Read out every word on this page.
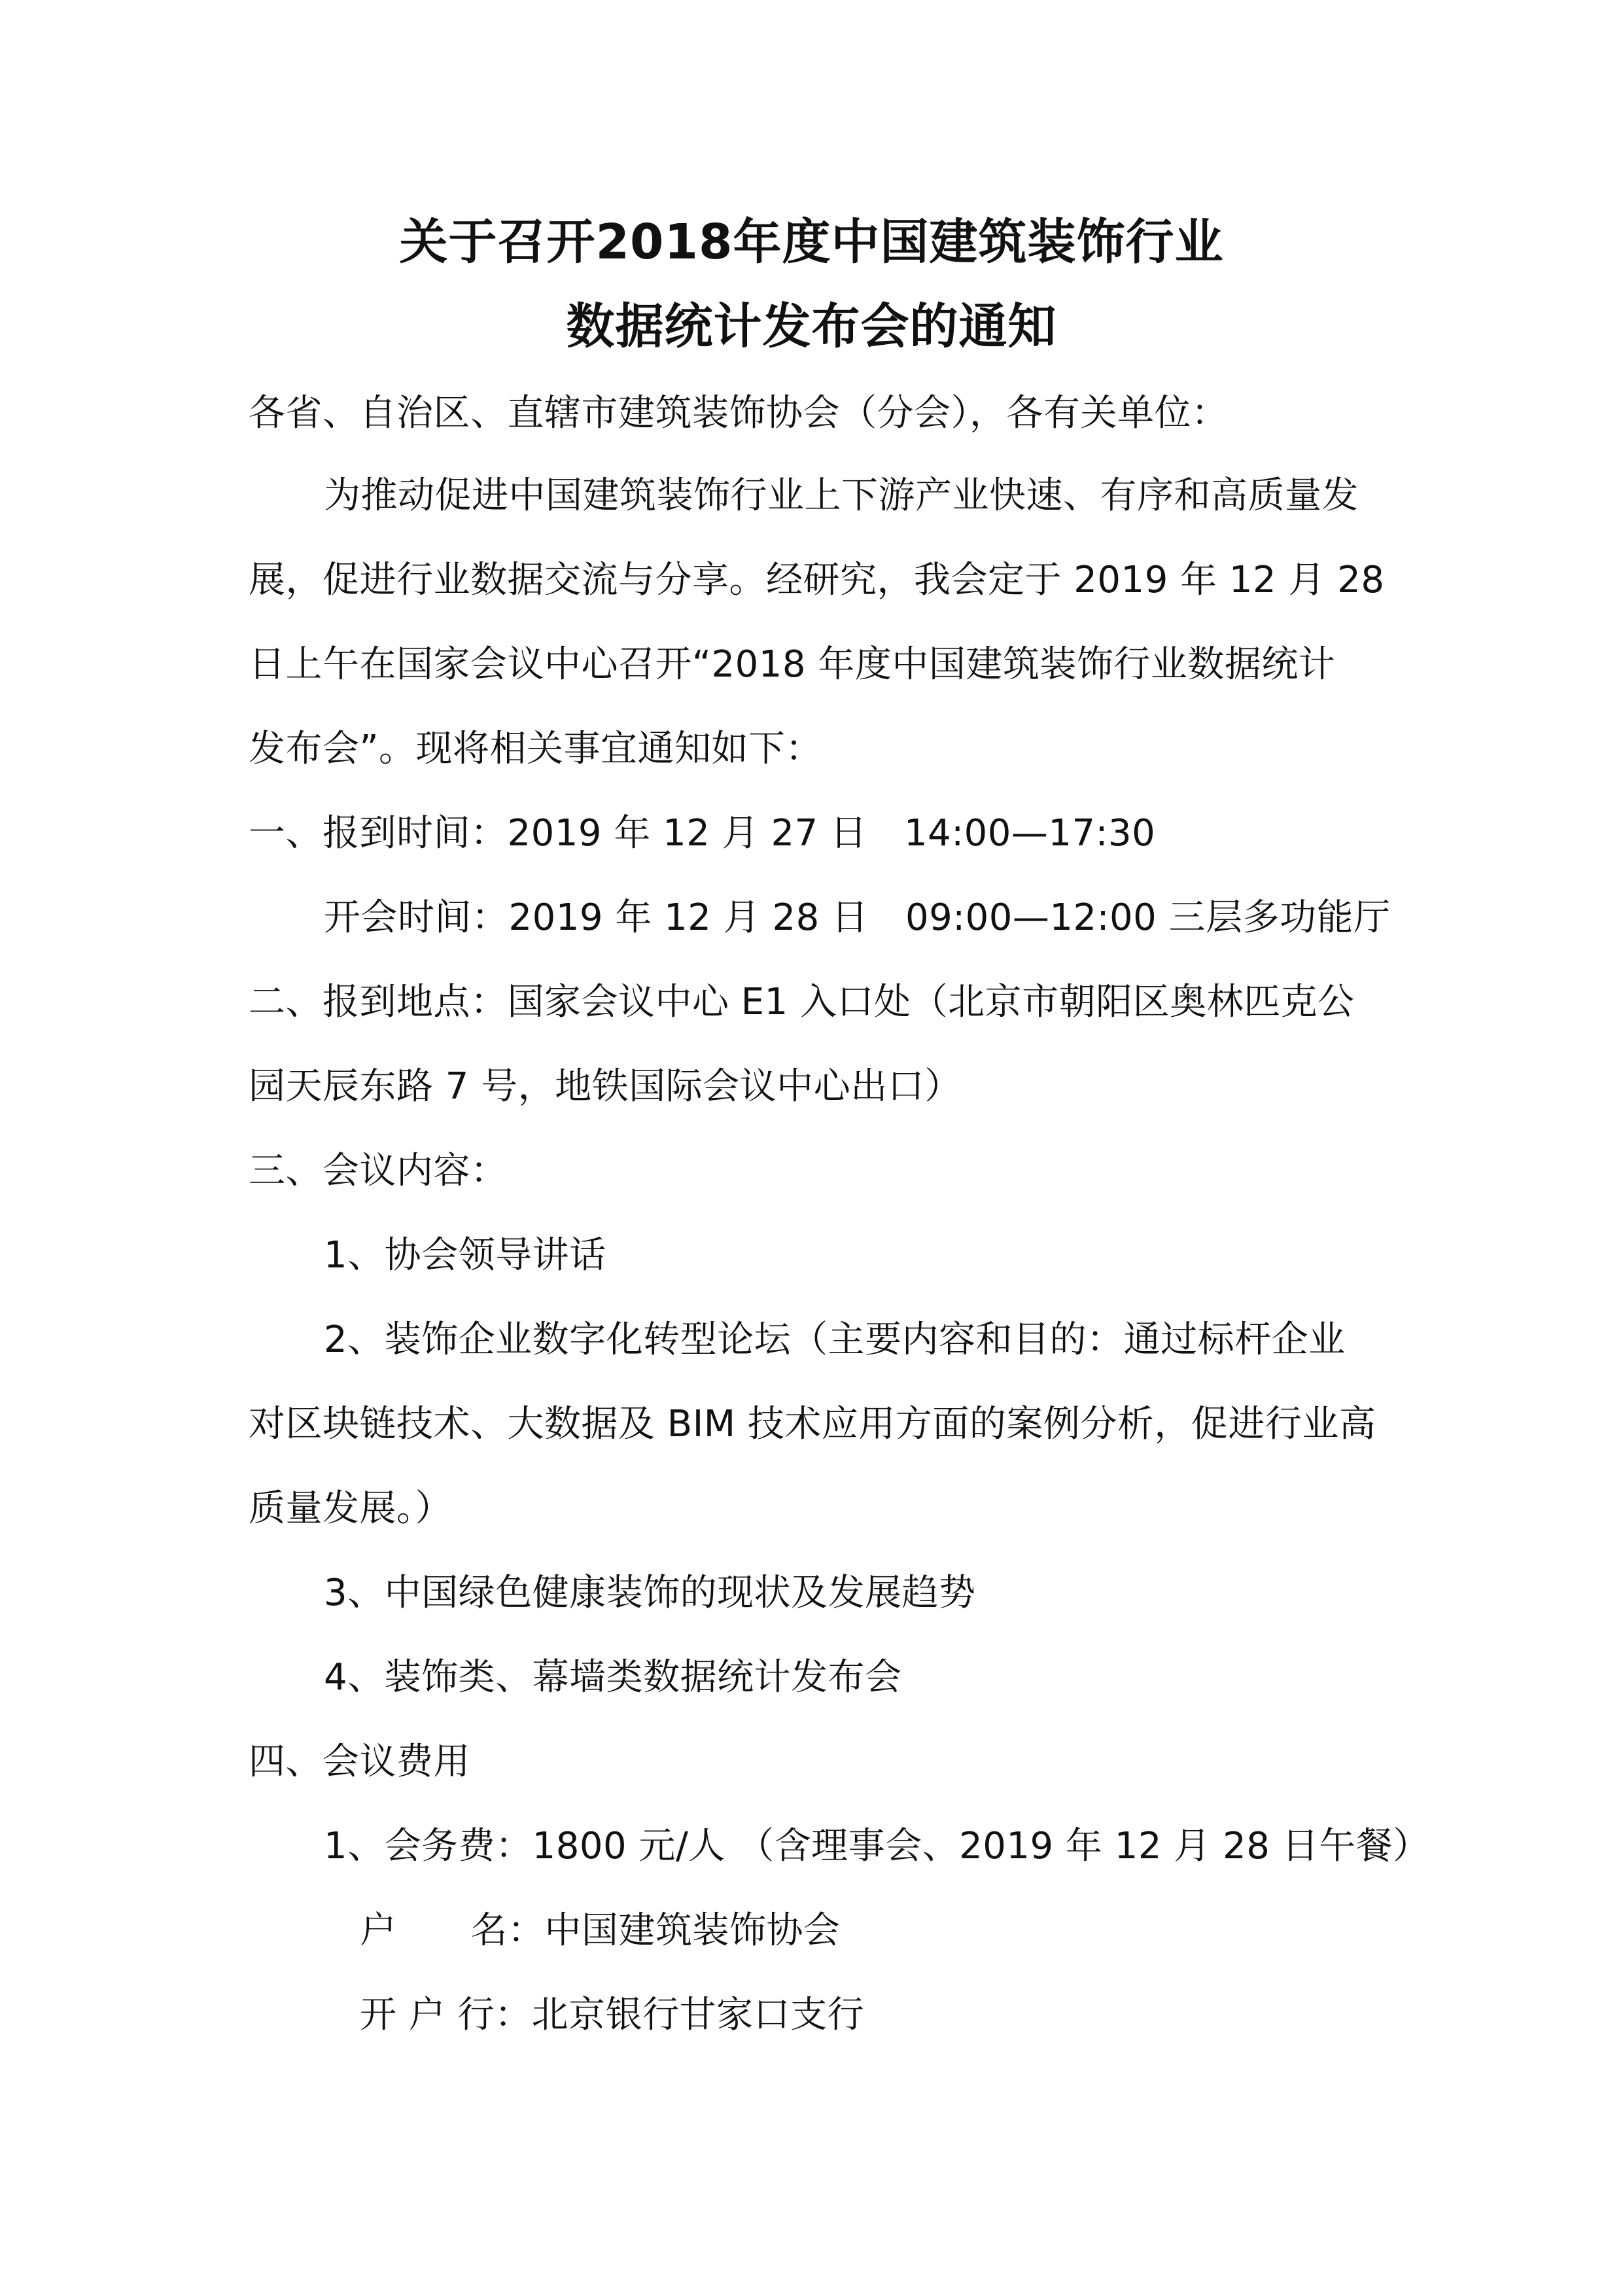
关于召开2018年度中国建筑装饰行业
数据统计发布会的通知
各省、自治区、直辖市建筑装饰协会（分会），各有关单位：
为推动促进中国建筑装饰行业上下游产业快速、有序和高质量发
展，促进行业数据交流与分享。经研究，我会定于 2019 年 12 月 28
日上午在国家会议中心召开“2018 年度中国建筑装饰行业数据统计
发布会”。现将相关事宜通知如下：
一、报到时间：2019 年 12 月 27 日　14:00—17:30
开会时间：2019 年 12 月 28 日　09:00—12:00 三层多功能厅
二、报到地点：国家会议中心 E1 入口处（北京市朝阳区奥林匹克公
园天辰东路 7 号，地铁国际会议中心出口）
三、会议内容：
1、协会领导讲话
2、装饰企业数字化转型论坛（主要内容和目的：通过标杆企业
对区块链技术、大数据及 BIM 技术应用方面的案例分析，促进行业高
质量发展。）
3、中国绿色健康装饰的现状及发展趋势
4、装饰类、幕墙类数据统计发布会
四、会议费用
1、会务费：1800 元/人 （含理事会、2019 年 12 月 28 日午餐）
户　　名：中国建筑装饰协会
开 户 行：北京银行甘家口支行
